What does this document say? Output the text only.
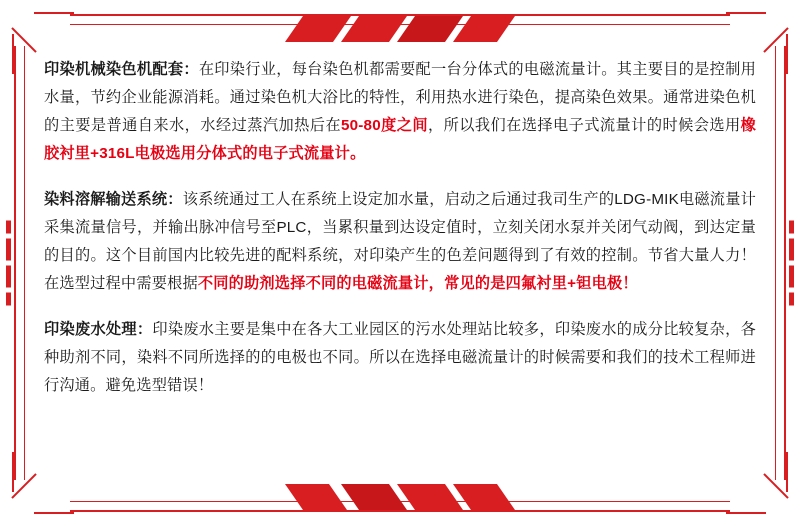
印染机械染色机配套：在印染行业，每台染色机都需要配一台分体式的电磁流量计。其主要目的是控制用水量，节约企业能源消耗。通过染色机大浴比的特性，利用热水进行染色，提高染色效果。通常进染色机的主要是普通自来水，水经过蒸汽加热后在50-80度之间，所以我们在选择电子式流量计的时候会选用橡胶衬里+316L电极选用分体式的电子式流量计。

染料溶解输送系统：该系统通过工人在系统上设定加水量，启动之后通过我司生产的LDG-MIK电磁流量计采集流量信号，并输出脉冲信号至PLC，当累积量到达设定值时，立刻关闭水泵并关闭气动阀，到达定量的目的。这个目前国内比较先进的配料系统，对印染产生的色差问题得到了有效的控制。节省大量人力！在选型过程中需要根据不同的助剂选择不同的电磁流量计，常见的是四氟衬里+钽电极！

印染废水处理：印染废水主要是集中在各大工业园区的污水处理站比较多，印染废水的成分比较复杂，各种助剂不同，染料不同所选择的的电极也不同。所以在选择电磁流量计的时候需要和我们的技术工程师进行沟通。避免选型错误！
